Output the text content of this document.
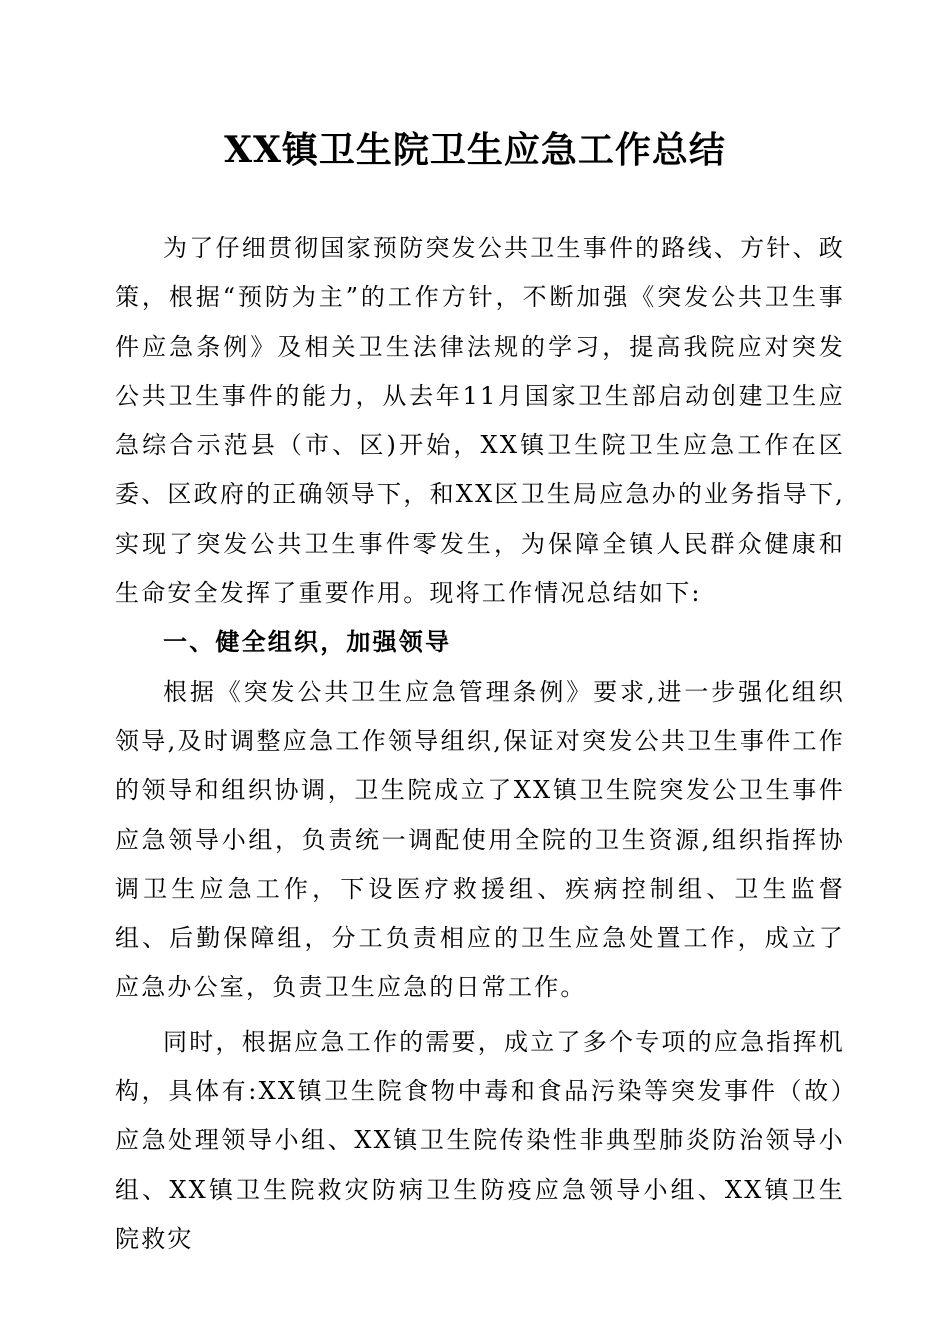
XX镇卫生院卫生应急工作总结

为了仔细贯彻国家预防突发公共卫生事件的路线、方针、政策，根据“预防为主”的工作方针，不断加强《突发公共卫生事件应急条例》及相关卫生法律法规的学习，提高我院应对突发公共卫生事件的能力，从去年11月国家卫生部启动创建卫生应急综合示范县（市、区)开始，XX镇卫生院卫生应急工作在区委、区政府的正确领导下，和XX区卫生局应急办的业务指导下,实现了突发公共卫生事件零发生，为保障全镇人民群众健康和生命安全发挥了重要作用。现将工作情况总结如下:

一、健全组织，加强领导

根据《突发公共卫生应急管理条例》要求,进一步强化组织领导,及时调整应急工作领导组织,保证对突发公共卫生事件工作的领导和组织协调，卫生院成立了XX镇卫生院突发公卫生事件应急领导小组，负责统一调配使用全院的卫生资源,组织指挥协调卫生应急工作，下设医疗救援组、疾病控制组、卫生监督组、后勤保障组，分工负责相应的卫生应急处置工作，成立了应急办公室，负责卫生应急的日常工作。

同时，根据应急工作的需要，成立了多个专项的应急指挥机构，具体有:XX镇卫生院食物中毒和食品污染等突发事件（故）应急处理领导小组、XX镇卫生院传染性非典型肺炎防治领导小组、XX镇卫生院救灾防病卫生防疫应急领导小组、XX镇卫生院救灾
